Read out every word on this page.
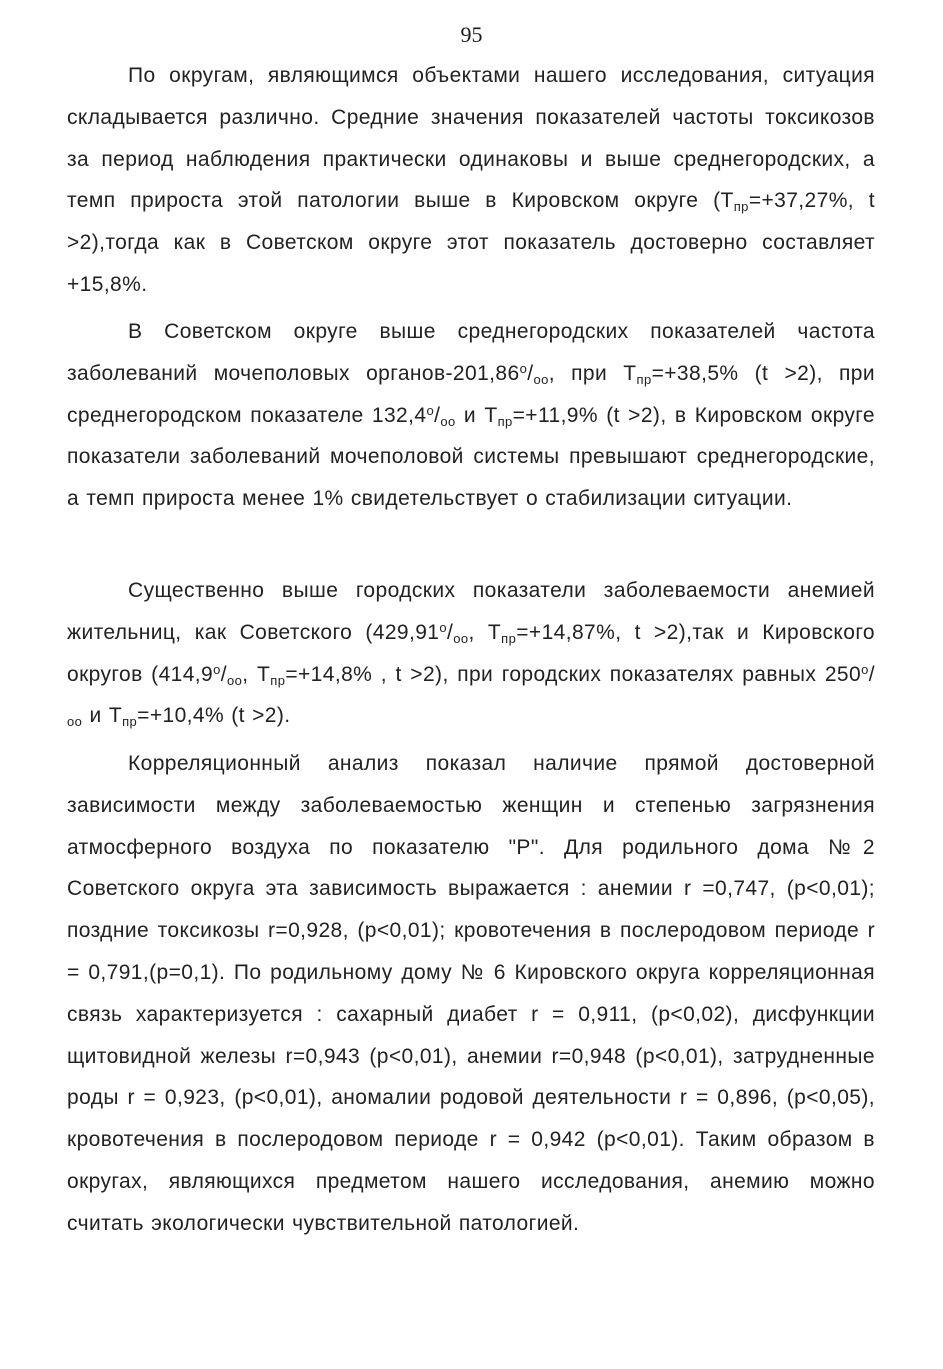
95

По округам, являющимся объектами нашего исследования, ситуация складывается различно. Средние значения показателей частоты токсикозов за период наблюдения практически одинаковы и выше среднегородских, а темп прироста этой патологии выше в Кировском округе ($Т_{пр}=+37,27\%$, t >2),тогда как в Советском округе этот показатель достоверно составляет +15,8%.

В Советском округе выше среднегородских показателей частота заболеваний мочеполовых органов-$201,86^о/_{оо}$, при $Т_{пр}=+38,5\%$ (t >2), при среднегородском показателе $132,4^о/_{оо}$ и $Т_{пр}=+11,9\%$ (t >2), в Кировском округе показатели заболеваний мочеполовой системы превышают среднегородские, а темп прироста менее 1% свидетельствует о стабилизации ситуации.

Существенно выше городских показатели заболеваемости анемией жительниц, как Советского ($429,91^о/_{оо}$, $Т_{пр}=+14,87\%$, t >2),так и Кировского округов ($414,9^о/_{оо}$, $Т_{пр}=+14,8\%$ , t >2), при городских показателях равных $250^о/_{оо}$ и $Т_{пр}=+10,4\%$ (t >2).

Корреляционный анализ показал наличие прямой достоверной зависимости между заболеваемостью женщин и степенью загрязнения атмосферного воздуха по показателю "Р". Для родильного дома №2 Советского округа эта зависимость выражается : анемии r =0,747, (p<0,01); поздние токсикозы r=0,928, (p<0,01); кровотечения в послеродовом периоде r = 0,791,(p=0,1). По родильному дому № 6 Кировского округа корреляционная связь характеризуется : сахарный диабет r = 0,911, (p<0,02), дисфункции щитовидной железы r=0,943 (p<0,01), анемии r=0,948 (p<0,01), затрудненные роды r = 0,923, (p<0,01), аномалии родовой деятельности r = 0,896, (p<0,05), кровотечения в послеродовом периоде r = 0,942 (p<0,01). Таким образом в округах, являющихся предметом нашего исследования, анемию можно считать экологически чувствительной патологией.
